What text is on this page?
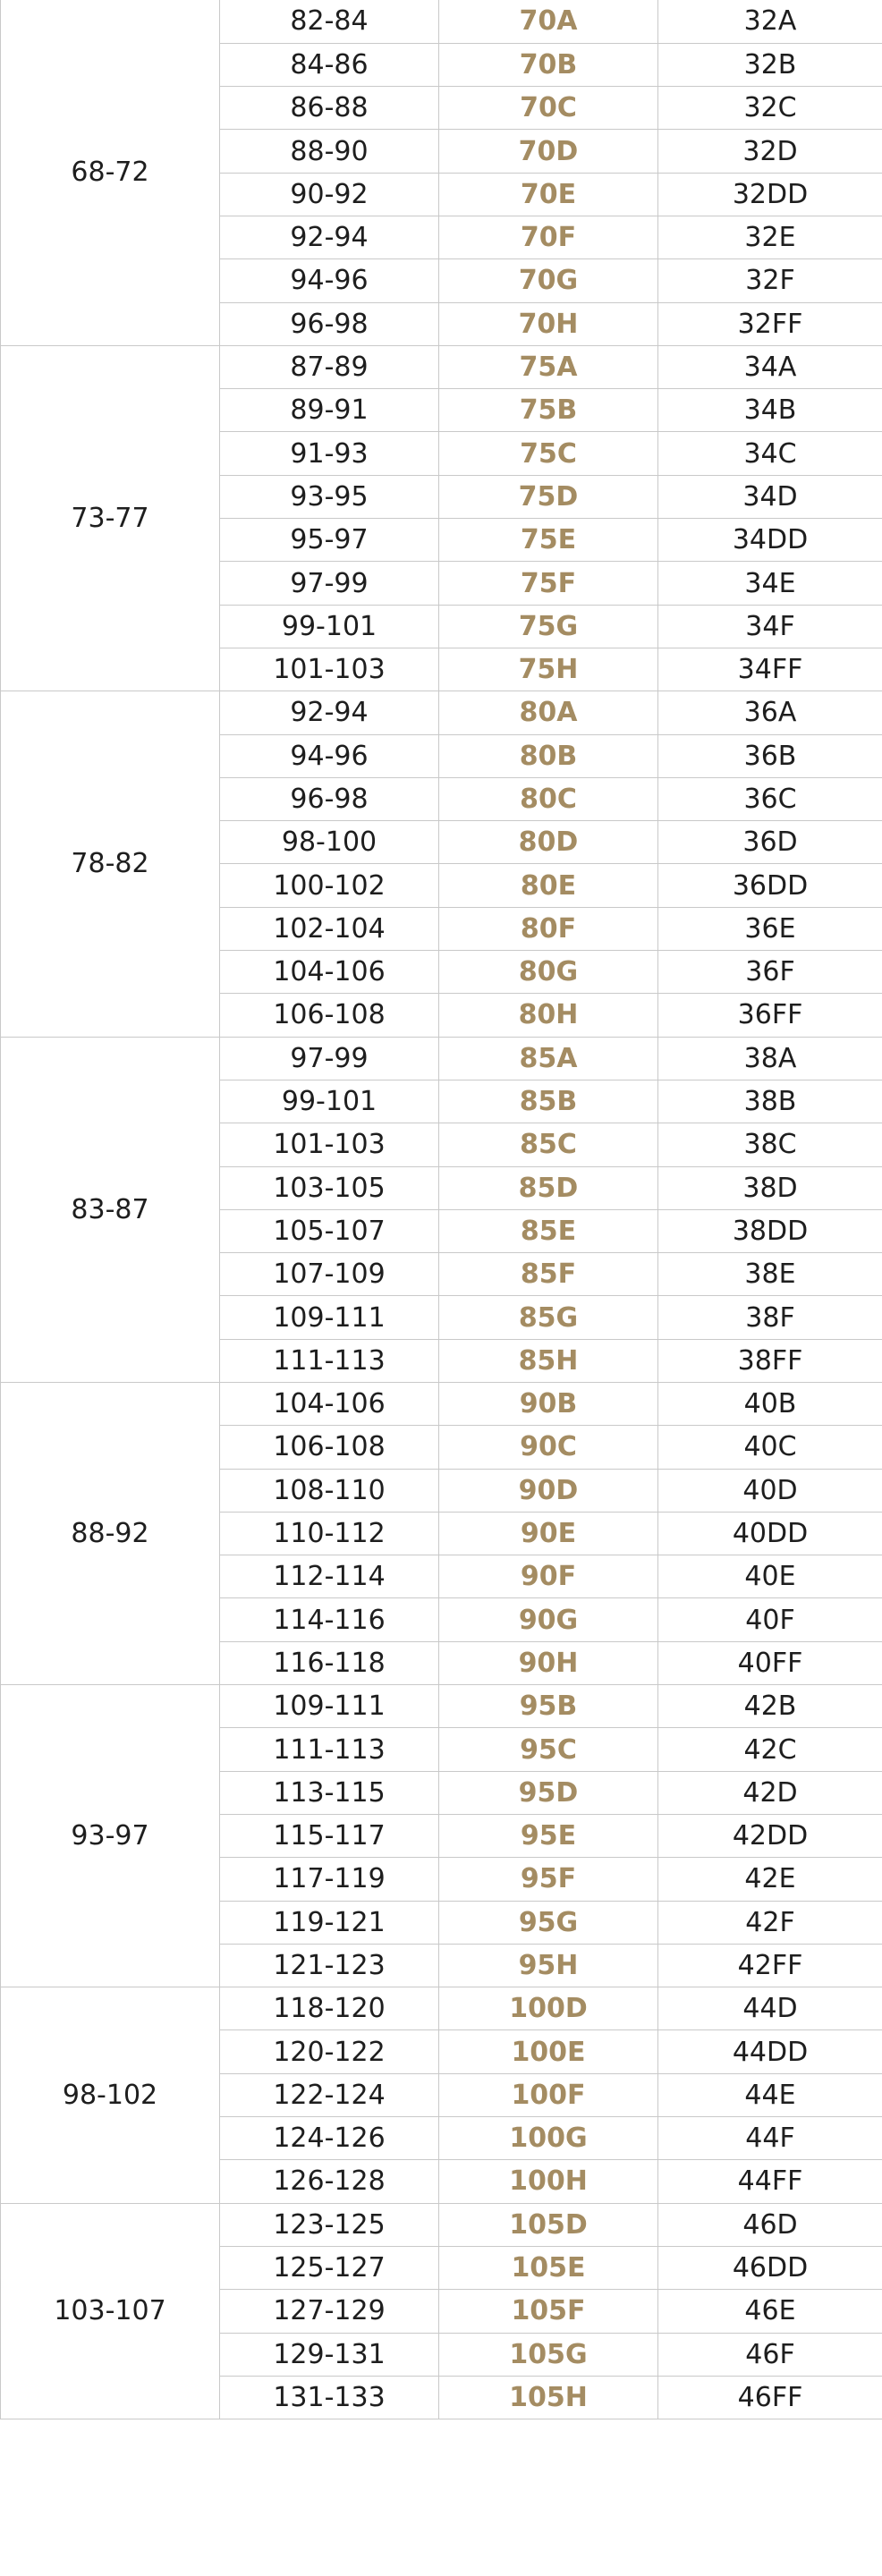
68-72	82-84	70A	32A
	84-86	70B	32B
	86-88	70C	32C
	88-90	70D	32D
	90-92	70E	32DD
	92-94	70F	32E
	94-96	70G	32F
	96-98	70H	32FF
73-77	87-89	75A	34A
	89-91	75B	34B
	91-93	75C	34C
	93-95	75D	34D
	95-97	75E	34DD
	97-99	75F	34E
	99-101	75G	34F
	101-103	75H	34FF
78-82	92-94	80A	36A
	94-96	80B	36B
	96-98	80C	36C
	98-100	80D	36D
	100-102	80E	36DD
	102-104	80F	36E
	104-106	80G	36F
	106-108	80H	36FF
83-87	97-99	85A	38A
	99-101	85B	38B
	101-103	85C	38C
	103-105	85D	38D
	105-107	85E	38DD
	107-109	85F	38E
	109-111	85G	38F
	111-113	85H	38FF
88-92	104-106	90B	40B
	106-108	90C	40C
	108-110	90D	40D
	110-112	90E	40DD
	112-114	90F	40E
	114-116	90G	40F
	116-118	90H	40FF
93-97	109-111	95B	42B
	111-113	95C	42C
	113-115	95D	42D
	115-117	95E	42DD
	117-119	95F	42E
	119-121	95G	42F
	121-123	95H	42FF
98-102	118-120	100D	44D
	120-122	100E	44DD
	122-124	100F	44E
	124-126	100G	44F
	126-128	100H	44FF
103-107	123-125	105D	46D
	125-127	105E	46DD
	127-129	105F	46E
	129-131	105G	46F
	131-133	105H	46FF
